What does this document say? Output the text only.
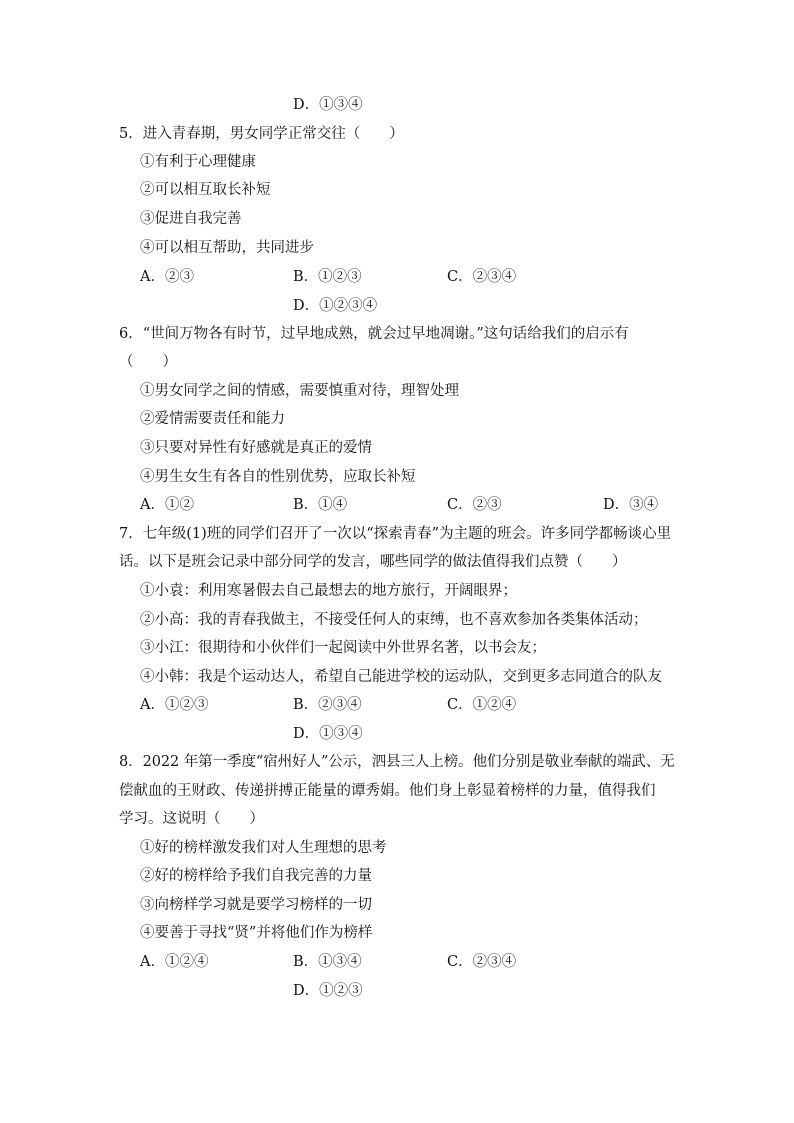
D．①③④
5．进入青春期，男女同学正常交往（　　）
①有利于心理健康
②可以相互取长补短
③促进自我完善
④可以相互帮助，共同进步
A．②③	B．①②③	C．②③④
D．①②③④
6．“世间万物各有时节，过早地成熟，就会过早地凋谢。”这句话给我们的启示有
（　　）
①男女同学之间的情感，需要慎重对待，理智处理
②爱情需要责任和能力
③只要对异性有好感就是真正的爱情
④男生女生有各自的性别优势，应取长补短
A．①②	B．①④	C．②③	D．③④
7．七年级(1)班的同学们召开了一次以“探索青春”为主题的班会。许多同学都畅谈心里
话。以下是班会记录中部分同学的发言，哪些同学的做法值得我们点赞（　　）
①小袁：利用寒暑假去自己最想去的地方旅行，开阔眼界；
②小高：我的青春我做主，不接受任何人的束缚，也不喜欢参加各类集体活动；
③小江：很期待和小伙伴们一起阅读中外世界名著，以书会友；
④小韩：我是个运动达人，希望自己能进学校的运动队，交到更多志同道合的队友
A．①②③	B．②③④	C．①②④
D．①③④
8．2022 年第一季度“宿州好人”公示，泗县三人上榜。他们分别是敬业奉献的端武、无
偿献血的王财政、传递拼搏正能量的谭秀娟。他们身上彰显着榜样的力量，值得我们
学习。这说明（　　）
①好的榜样激发我们对人生理想的思考
②好的榜样给予我们自我完善的力量
③向榜样学习就是要学习榜样的一切
④要善于寻找“贤”并将他们作为榜样
A．①②④	B．①③④	C．②③④
D．①②③
